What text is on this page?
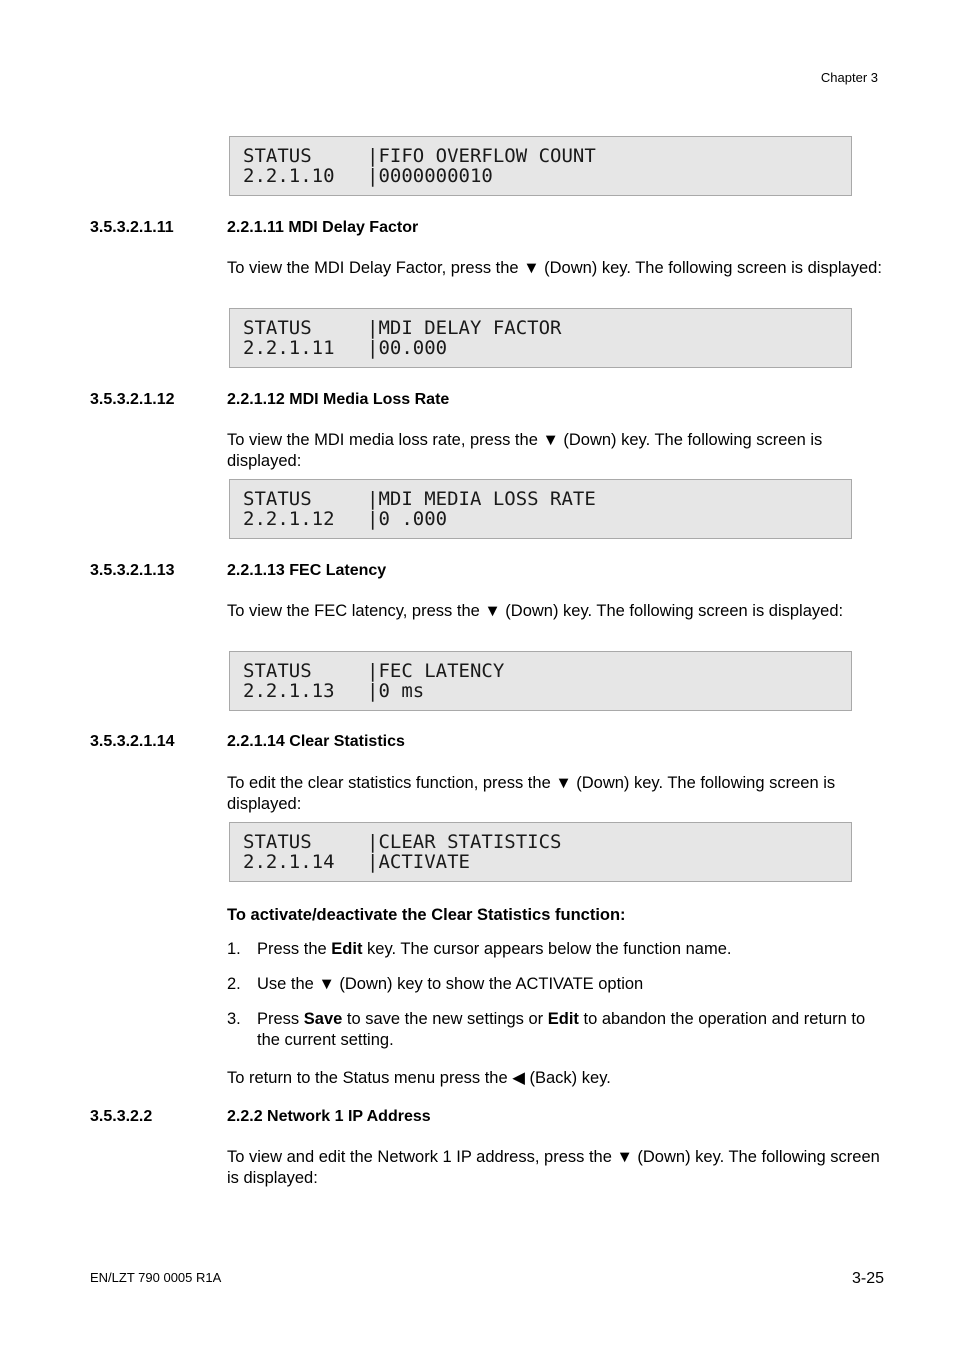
Chapter 3
STATUS	|FIFO OVERFLOW COUNT
2.2.1.10 |0000000010
3.5.3.2.1.11	2.2.1.11 MDI Delay Factor
To view the MDI Delay Factor, press the ▼ (Down) key. The following screen is displayed:
STATUS	|MDI DELAY FACTOR
2.2.1.11 |00.000
3.5.3.2.1.12	2.2.1.12 MDI Media Loss Rate
To view the MDI media loss rate, press the ▼ (Down) key. The following screen is displayed:
STATUS	|MDI MEDIA LOSS RATE
2.2.1.12 |0 .000
3.5.3.2.1.13	2.2.1.13 FEC Latency
To view the FEC latency, press the ▼ (Down) key. The following screen is displayed:
STATUS	|FEC LATENCY
2.2.1.13 |0 ms
3.5.3.2.1.14	2.2.1.14 Clear Statistics
To edit the clear statistics function, press the ▼ (Down) key. The following screen is displayed:
STATUS	|CLEAR STATISTICS
2.2.1.14 |ACTIVATE
To activate/deactivate the Clear Statistics function:
1. Press the Edit key. The cursor appears below the function name.
2. Use the ▼ (Down) key to show the ACTIVATE option
3. Press Save to save the new settings or Edit to abandon the operation and return to the current setting.
To return to the Status menu press the ◀ (Back) key.
3.5.3.2.2	2.2.2 Network 1 IP Address
To view and edit the Network 1 IP address, press the ▼ (Down) key. The following screen is displayed:
EN/LZT 790 0005 R1A	3-25
